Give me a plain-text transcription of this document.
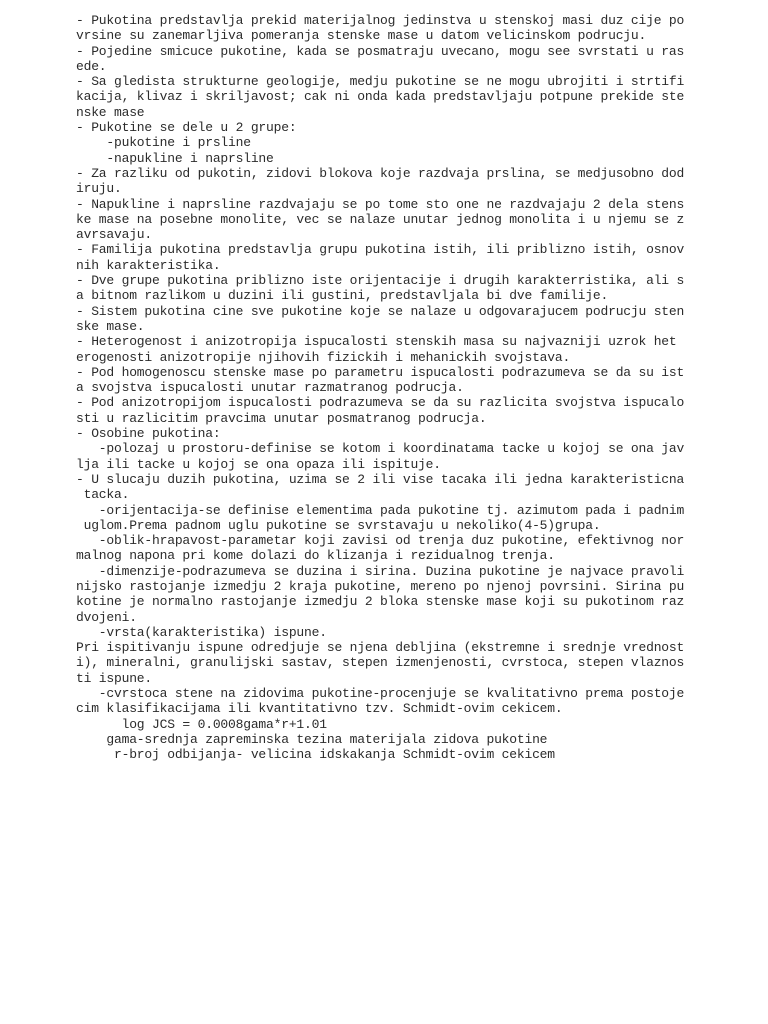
- Pukotina predstavlja prekid materijalnog jedinstva u stenskoj masi duz cije po
vrsine su zanemarljiva pomeranja stenske mase u datom velicinskom podrucju.
- Pojedine smicuce pukotine, kada se posmatraju uvecano, mogu see svrstati u ras
ede.
- Sa gledista strukturne geologije, medju pukotine se ne mogu ubrojiti i strtifi
kacija, klivaz i skriljavost; cak ni onda kada predstavljaju potpune prekide ste
nske mase
- Pukotine se dele u 2 grupe:
-pukotine i prsline
-napukline i naprsline
- Za razliku od pukotin, zidovi blokova koje razdvaja prslina, se medjusobno dod
iruju.
- Napukline i naprsline razdvajaju se po tome sto one ne razdvajaju 2 dela stens
ke mase na posebne monolite, vec se nalaze unutar jednog monolita i u njemu se z
avrsavaju.
- Familija pukotina predstavlja grupu pukotina istih, ili priblizno istih, osnov
nih karakteristika.
- Dve grupe pukotina priblizno iste orijentacije i drugih karakterristika, ali s
a bitnom razlikom u duzini ili gustini, predstavljala bi dve familije.
- Sistem pukotina cine sve pukotine koje se nalaze u odgovarajucem podrucju sten
ske mase.
- Heterogenost i anizotropija ispucalosti stenskih masa su najvazniji uzrok het
erogenosti anizotropije njihovih fizickih i mehanickih svojstava.
- Pod homogenoscu stenske mase po parametru ispucalosti podrazumeva se da su ist
a svojstva ispucalosti unutar razmatranog podrucja.
- Pod anizotropijom ispucalosti podrazumeva se da su razlicita svojstva ispucalo
sti u razlicitim pravcima unutar posmatranog podrucja.
- Osobine pukotina:
-polozaj u prostoru-definise se kotom i koordinatama tacke u kojoj se ona jav
lja ili tacke u kojoj se ona opaza ili ispituje.
- U slucaju duzih pukotina, uzima se 2 ili vise tacaka ili jedna karakteristicna
tacka.
-orijentacija-se definise elementima pada pukotine tj. azimutom pada i padnim
uglom.Prema padnom uglu pukotine se svrstavaju u nekoliko(4-5)grupa.
-oblik-hrapavost-parametar koji zavisi od trenja duz pukotine, efektivnog nor
malnog napona pri kome dolazi do klizanja i rezidualnog trenja.
-dimenzije-podrazumeva se duzina i sirina. Duzina pukotine je najvace pravoli
nijsko rastojanje izmedju 2 kraja pukotine, mereno po njenoj povrsini. Sirina pu
kotine je normalno rastojanje izmedju 2 bloka stenske mase koji su pukotinom raz
dvojeni.
-vrsta(karakteristika) ispune.
Pri ispitivanju ispune odredjuje se njena debljina (ekstremne i srednje vrednost
i), mineralni, granulijski sastav, stepen izmenjenosti, cvrstoca, stepen vlaznos
ti ispune.
-cvrstoca stene na zidovima pukotine-procenjuje se kvalitativno prema postoje
cim klasifikacijama ili kvantitativno tzv. Schmidt-ovim cekicem.
log JCS = 0.0008gama*r+1.01
gama-srednja zapreminska tezina materijala zidova pukotine
r-broj odbijanja- velicina idskakanja Schmidt-ovim cekicem
